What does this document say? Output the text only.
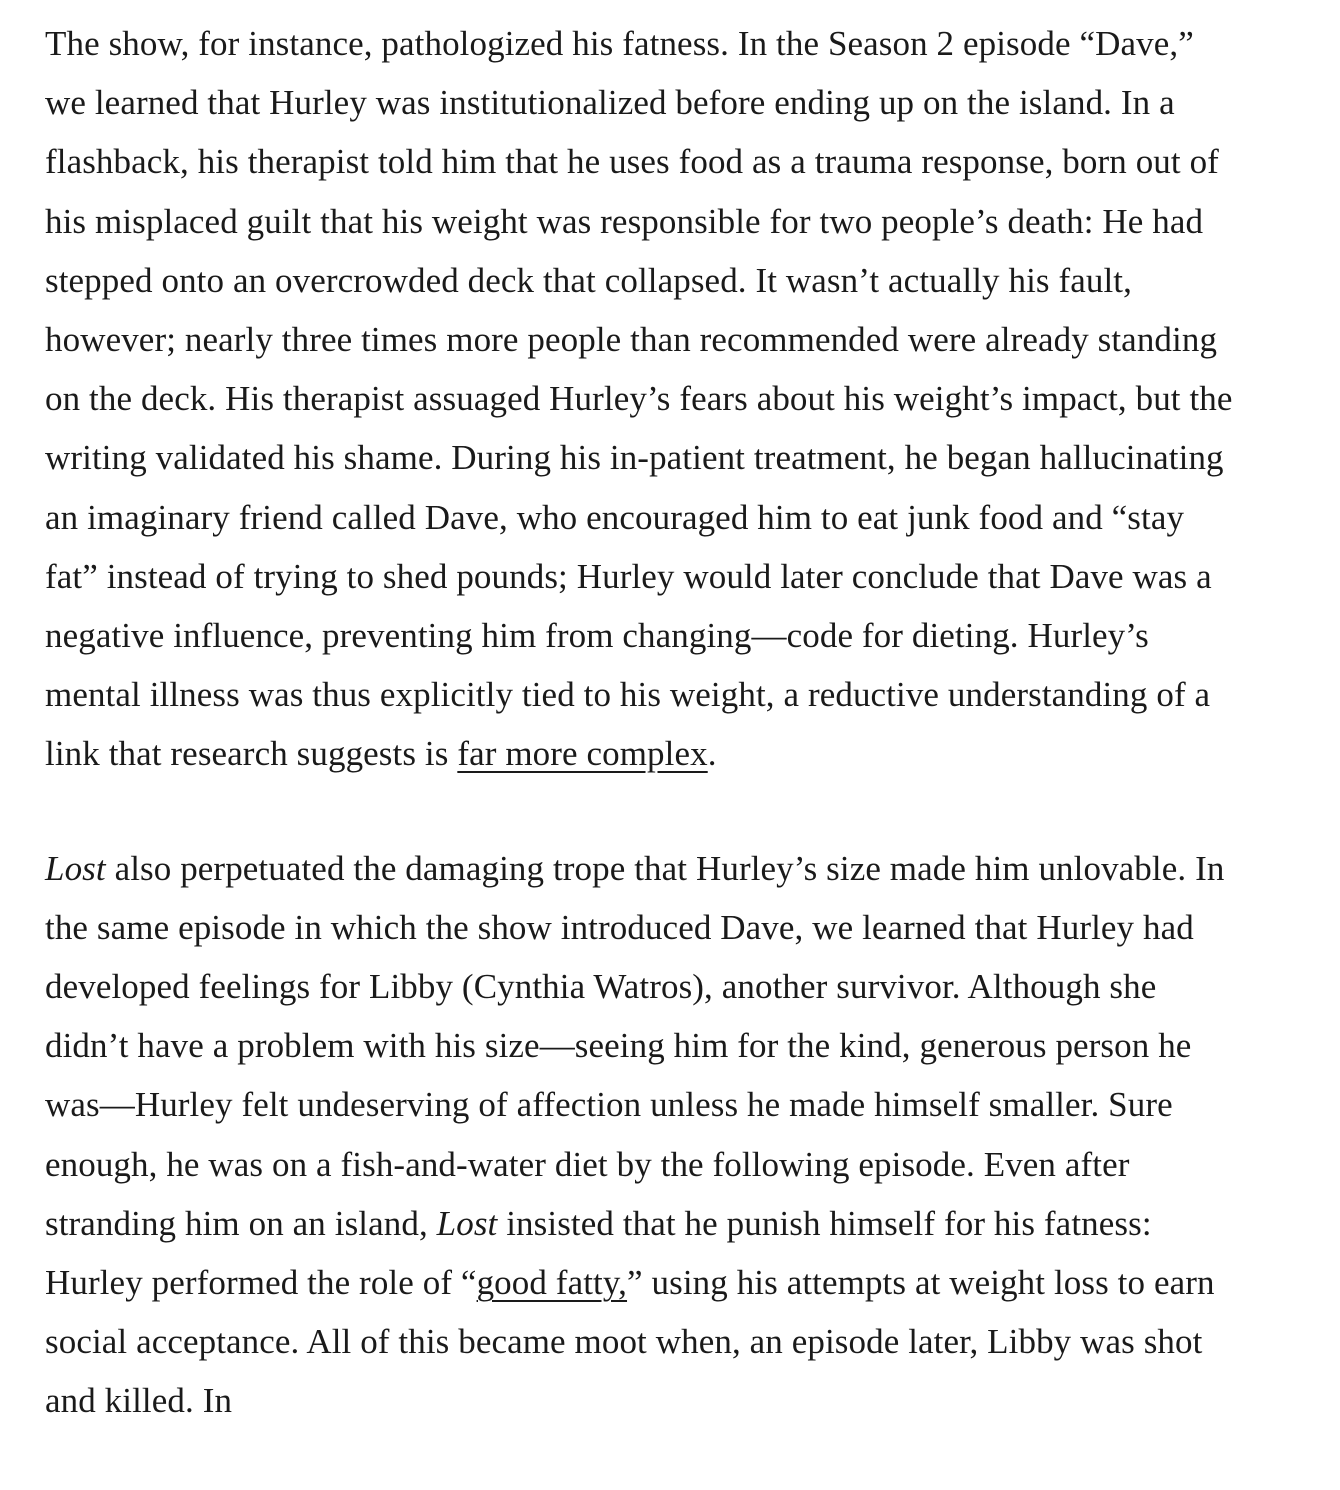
The show, for instance, pathologized his fatness. In the Season 2 episode “Dave,” we learned that Hurley was institutionalized before ending up on the island. In a flashback, his therapist told him that he uses food as a trauma response, born out of his misplaced guilt that his weight was responsible for two people’s death: He had stepped onto an overcrowded deck that collapsed. It wasn’t actually his fault, however; nearly three times more people than recommended were already standing on the deck. His therapist assuaged Hurley’s fears about his weight’s impact, but the writing validated his shame. During his in-patient treatment, he began hallucinating an imaginary friend called Dave, who encouraged him to eat junk food and “stay fat” instead of trying to shed pounds; Hurley would later conclude that Dave was a negative influence, preventing him from changing—code for dieting. Hurley’s mental illness was thus explicitly tied to his weight, a reductive understanding of a link that research suggests is far more complex.

Lost also perpetuated the damaging trope that Hurley’s size made him unlovable. In the same episode in which the show introduced Dave, we learned that Hurley had developed feelings for Libby (Cynthia Watros), another survivor. Although she didn’t have a problem with his size—seeing him for the kind, generous person he was—Hurley felt undeserving of affection unless he made himself smaller. Sure enough, he was on a fish-and-water diet by the following episode. Even after stranding him on an island, Lost insisted that he punish himself for his fatness: Hurley performed the role of “good fatty,” using his attempts at weight loss to earn social acceptance. All of this became moot when, an episode later, Libby was shot and killed. In
